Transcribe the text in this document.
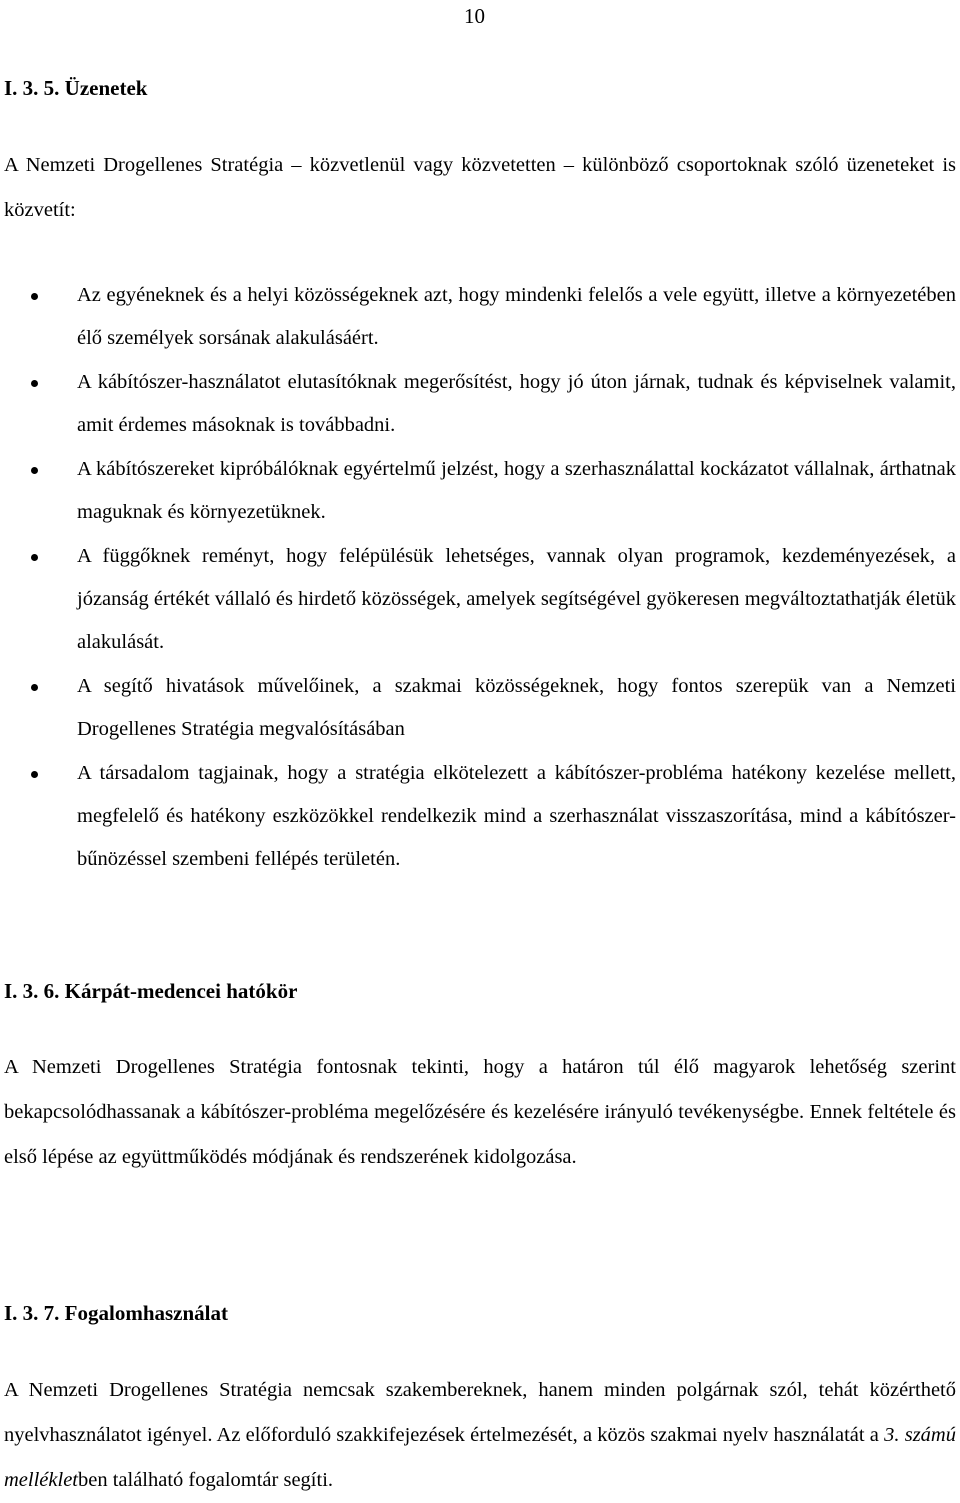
10
I. 3. 5. Üzenetek

A Nemzeti Drogellenes Stratégia ‒ közvetlenül vagy közvetetten ‒ különböző csoportoknak szóló üzeneteket is közvetít:

Az egyéneknek és a helyi közösségeknek azt, hogy mindenki felelős a vele együtt, illetve a környezetében élő személyek sorsának alakulásáért.
A kábítószer-használatot elutasítóknak megerősítést, hogy jó úton járnak, tudnak és képviselnek valamit, amit érdemes másoknak is továbbadni.
A kábítószereket kipróbálóknak egyértelmű jelzést, hogy a szerhasználattal kockázatot vállalnak, árthatnak maguknak és környezetüknek.
A függőknek reményt, hogy felépülésük lehetséges, vannak olyan programok, kezdeményezések, a józanság értékét vállaló és hirdető közösségek, amelyek segítségével gyökeresen megváltoztathatják életük alakulását.
A segítő hivatások művelőinek, a szakmai közösségeknek, hogy fontos szerepük van a Nemzeti Drogellenes Stratégia megvalósításában
A társadalom tagjainak, hogy a stratégia elkötelezett a kábítószer-probléma hatékony kezelése mellett, megfelelő és hatékony eszközökkel rendelkezik mind a szerhasználat visszaszorítása, mind a kábítószer-bűnözéssel szembeni fellépés területén.
I. 3. 6. Kárpát-medencei hatókör

A Nemzeti Drogellenes Stratégia fontosnak tekinti, hogy a határon túl élő magyarok lehetőség szerint bekapcsolódhassanak a kábítószer-probléma megelőzésére és kezelésére irányuló tevékenységbe. Ennek feltétele és első lépése az együttműködés módjának és rendszerének kidolgozása.

I. 3. 7. Fogalomhasználat

A Nemzeti Drogellenes Stratégia nemcsak szakembereknek, hanem minden polgárnak szól, tehát közérthető nyelvhasználatot igényel. Az előforduló szakkifejezések értelmezését, a közös szakmai nyelv használatát a 3. számú mellékletben található fogalomtár segíti.
